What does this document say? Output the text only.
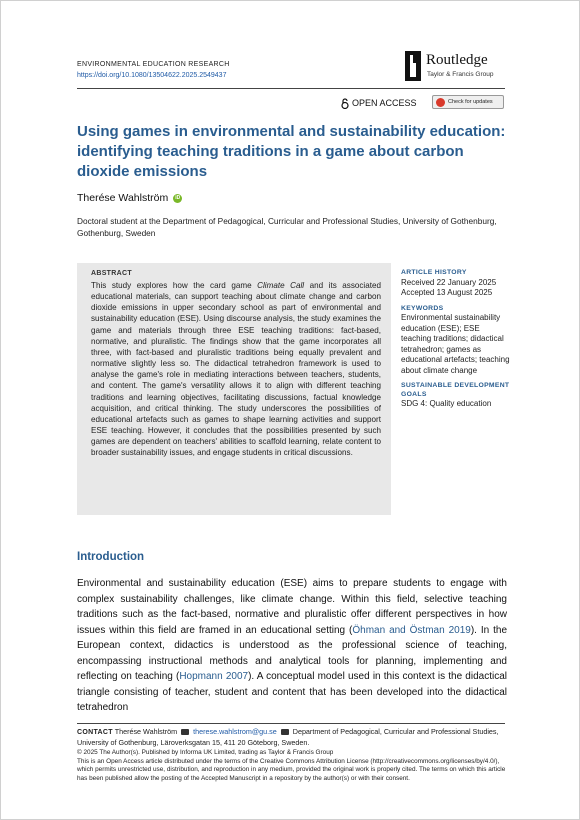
ENVIRONMENTAL EDUCATION RESEARCH
https://doi.org/10.1080/13504622.2025.2549437
Routledge
Taylor & Francis Group
OPEN ACCESS	Check for updates
Using games in environmental and sustainability education: identifying teaching traditions in a game about carbon dioxide emissions
Therése Wahlström	iD
Doctoral student at the Department of Pedagogical, Curricular and Professional Studies, University of Gothenburg, Gothenburg, Sweden
ABSTRACT
This study explores how the card game Climate Call and its associated educational materials, can support teaching about climate change and carbon dioxide emissions in upper secondary school as part of environmental and sustainability education (ESE). Using discourse analysis, the study examines the game and materials through three ESE teaching traditions: fact-based, normative, and pluralistic. The findings show that the game incorporates all three, with fact-based and pluralistic traditions being equally prevalent and normative slightly less so. The didactical tetrahedron framework is used to analyse the game's role in mediating interactions between teachers, students, and content. The game's versatility allows it to align with different teaching traditions and learning objectives, facilitating discussions, factual knowledge acquisition, and critical thinking. The study underscores the possibilities of educational artefacts such as games to shape learning activities and support ESE teaching. However, it concludes that the possibilities presented by such games are dependent on teachers' abilities to scaffold learning, relate content to broader sustainability issues, and engage students in critical discussions.
ARTICLE HISTORY
Received 22 January 2025
Accepted 13 August 2025
KEYWORDS
Environmental sustainability education (ESE); ESE teaching traditions; didactical tetrahedron; games as educational artefacts; teaching about climate change
SUSTAINABLE DEVELOPMENT GOALS
SDG 4: Quality education
Introduction
Environmental and sustainability education (ESE) aims to prepare students to engage with complex sustainability challenges, like climate change. Within this field, selective teaching traditions such as the fact-based, normative and pluralistic offer different perspectives in how issues within this field are framed in an educational setting (Öhman and Östman 2019). In the European context, didactics is understood as the professional science of teaching, encompassing instructional methods and analytical tools for planning, implementing and reflecting on teaching (Hopmann 2007). A conceptual model used in this context is the didactical triangle consisting of teacher, student and content that has been developed into the didactical tetrahedron
CONTACT Therése Wahlström therese.wahlstrom@gu.se Department of Pedagogical, Curricular and Professional Studies, University of Gothenburg, Läroverksgatan 15, 411 20 Göteborg, Sweden.
© 2025 The Author(s). Published by Informa UK Limited, trading as Taylor & Francis Group
This is an Open Access article distributed under the terms of the Creative Commons Attribution License (http://creativecommons.org/licenses/by/4.0/), which permits unrestricted use, distribution, and reproduction in any medium, provided the original work is properly cited. The terms on which this article has been published allow the posting of the Accepted Manuscript in a repository by the author(s) or with their consent.
